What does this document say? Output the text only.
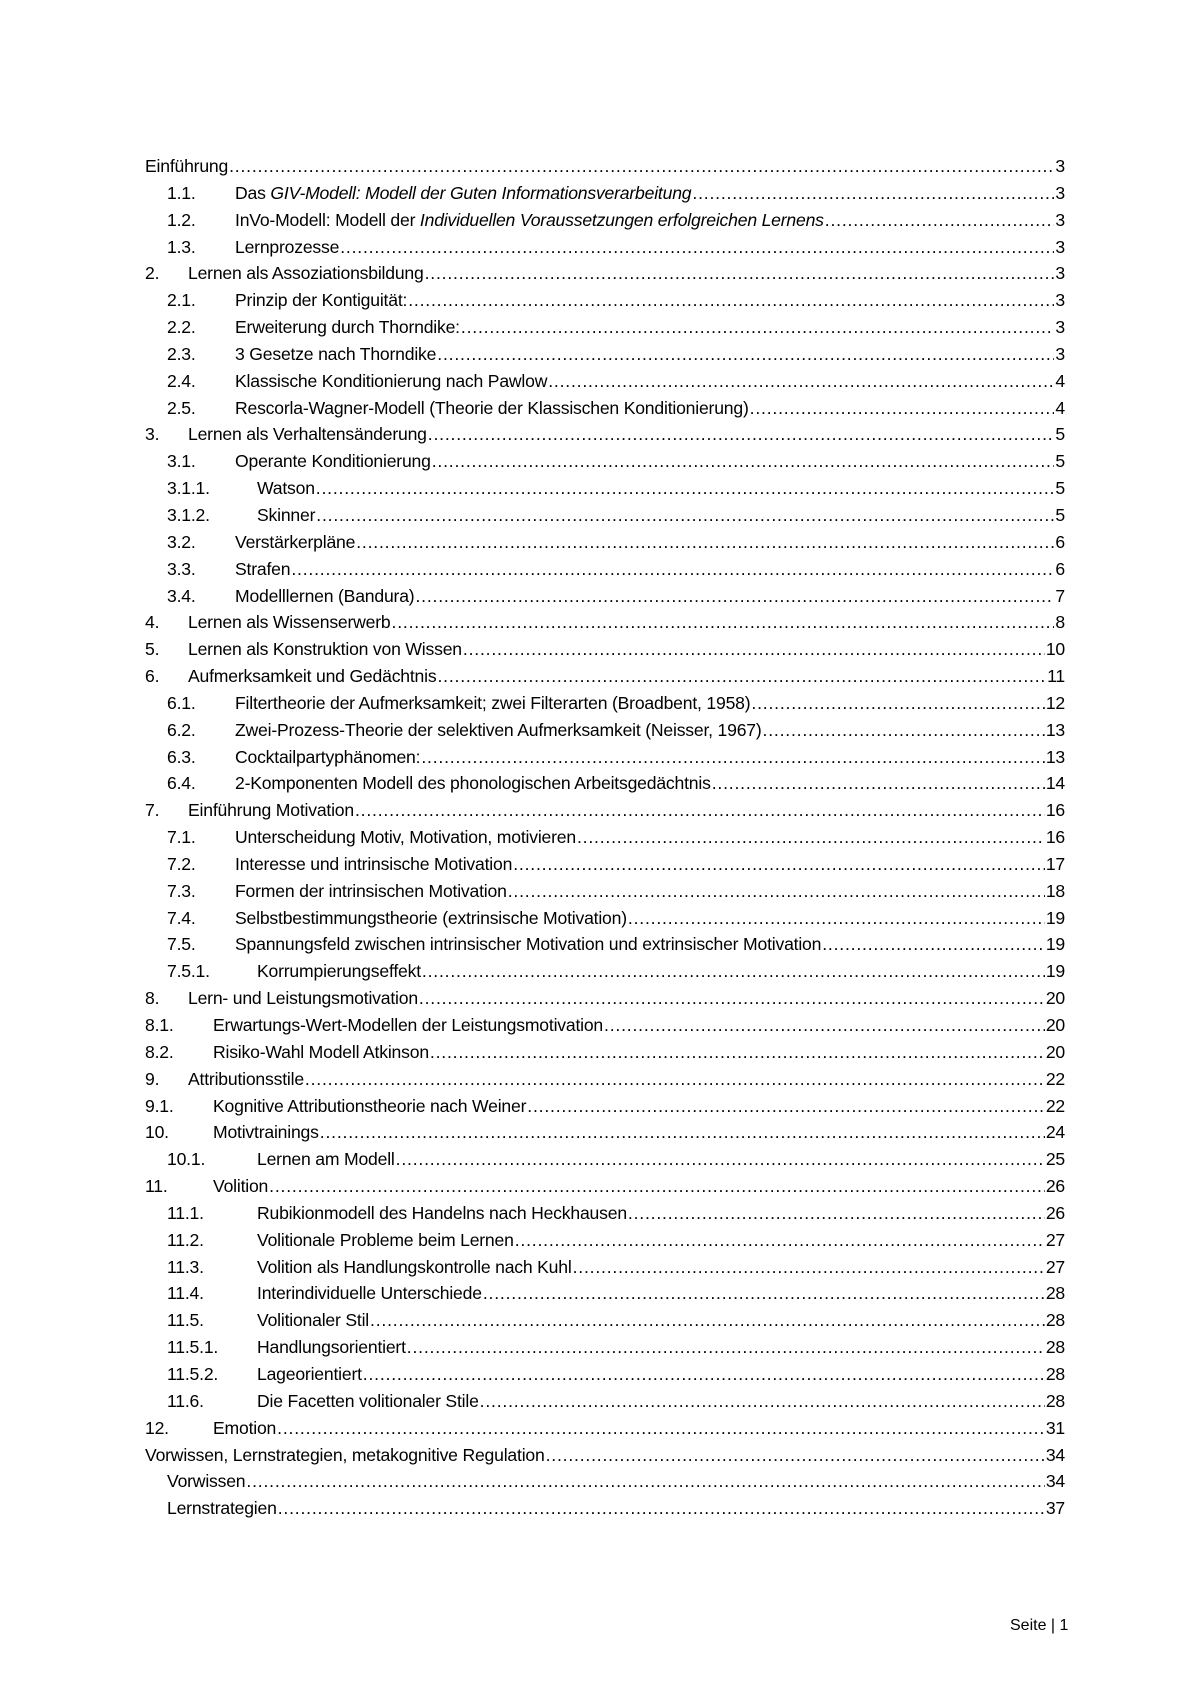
Einführung .....	3
1.1.	Das GIV-Modell: Modell der Guten Informationsverarbeitung .....	3
1.2.	InVo-Modell: Modell der Individuellen Voraussetzungen erfolgreichen Lernens .....	3
1.3.	Lernprozesse .....	3
2.	Lernen als Assoziationsbildung .....	3
2.1.	Prinzip der Kontiguität: .....	3
2.2.	Erweiterung durch Thorndike: .....	3
2.3.	3 Gesetze nach Thorndike .....	3
2.4.	Klassische Konditionierung nach Pawlow .....	4
2.5.	Rescorla-Wagner-Modell (Theorie der Klassischen Konditionierung) .....	4
3.	Lernen als Verhaltensänderung .....	5
3.1.	Operante Konditionierung .....	5
3.1.1.	Watson .....	5
3.1.2.	Skinner .....	5
3.2.	Verstärkerpläne .....	6
3.3.	Strafen .....	6
3.4.	Modelllernen (Bandura) .....	7
4.	Lernen als Wissenserwerb .....	8
5.	Lernen als Konstruktion von Wissen .....	10
6.	Aufmerksamkeit und Gedächtnis .....	11
6.1.	Filtertheorie der Aufmerksamkeit; zwei Filterarten (Broadbent, 1958) .....	12
6.2.	Zwei-Prozess-Theorie der selektiven Aufmerksamkeit (Neisser, 1967) .....	13
6.3.	Cocktailpartyphänomen: .....	13
6.4.	2-Komponenten Modell des phonologischen Arbeitsgedächtnis .....	14
7.	Einführung Motivation .....	16
7.1.	Unterscheidung Motiv, Motivation, motivieren .....	16
7.2.	Interesse und intrinsische Motivation .....	17
7.3.	Formen der intrinsischen Motivation .....	18
7.4.	Selbstbestimmungstheorie (extrinsische Motivation) .....	19
7.5.	Spannungsfeld zwischen intrinsischer Motivation und extrinsischer Motivation .....	19
7.5.1.	Korrumpierungseffekt .....	19
8.	Lern- und Leistungsmotivation .....	20
8.1.	Erwartungs-Wert-Modellen der Leistungsmotivation .....	20
8.2.	Risiko-Wahl Modell Atkinson .....	20
9.	Attributionsstile .....	22
9.1.	Kognitive Attributionstheorie nach Weiner .....	22
10.	Motivtrainings .....	24
10.1.	Lernen am Modell .....	25
11.	Volition .....	26
11.1.	Rubikionmodell des Handelns nach Heckhausen .....	26
11.2.	Volitionale Probleme beim Lernen .....	27
11.3.	Volition als Handlungskontrolle nach Kuhl .....	27
11.4.	Interindividuelle Unterschiede .....	28
11.5.	Volitionaler Stil .....	28
11.5.1.	Handlungsorientiert .....	28
11.5.2.	Lageorientiert .....	28
11.6.	Die Facetten volitionaler Stile .....	28
12.	Emotion .....	31
Vorwissen, Lernstrategien, metakognitive Regulation .....	34
Vorwissen .....	34
Lernstrategien .....	37
Seite | 1
